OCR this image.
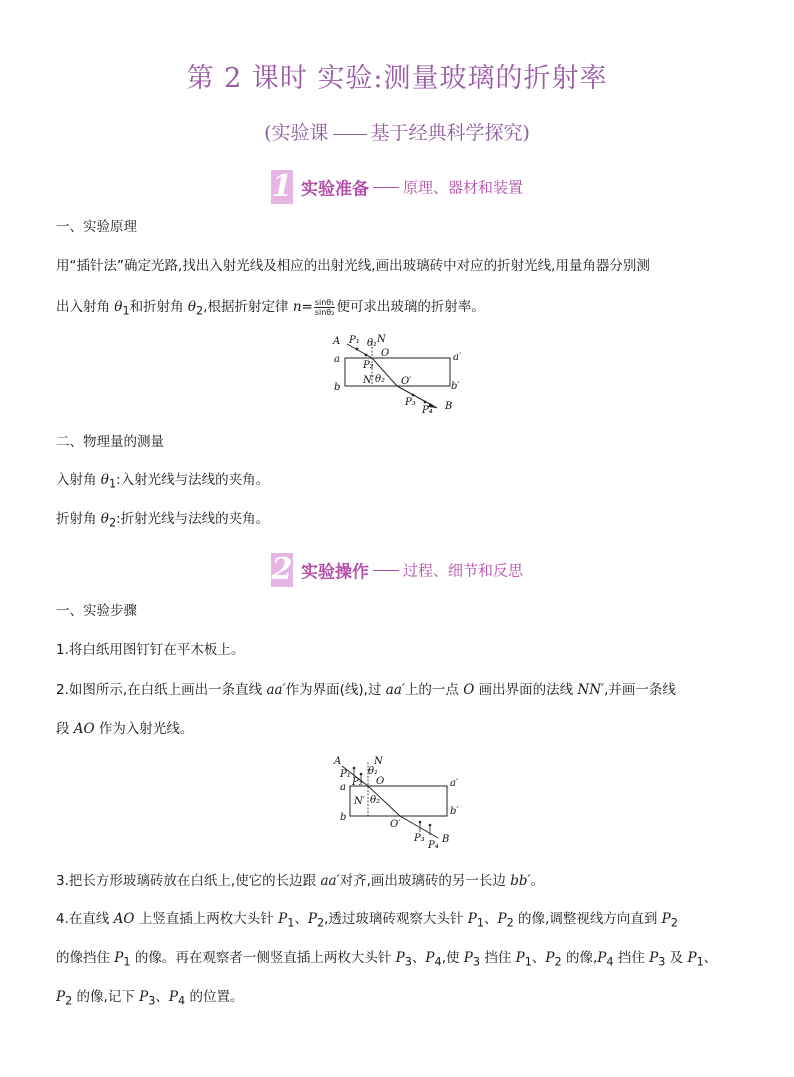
第 2 课时 实验:测量玻璃的折射率
(实验课 基于经典科学探究)
1 实验准备 原理、器材和装置
一、实验原理
用“插针法”确定光路,找出入射光线及相应的出射光线,画出玻璃砖中对应的折射光线,用量角器分别测
出入射角 $\theta_1$和折射角 $\theta_2$,根据折射定律 $n= \frac{\text{sinθ₁}}{\text{sinθ₂}}$ 便可求出玻璃的折射率。
A P₁ θ₁ N
a
O	a′
P₂
N′ θ₂ O′
b	b′
P₃
P₄ B
二、物理量的测量
入射角 $\theta_1$:入射光线与法线的夹角。
折射角 $\theta_2$:折射光线与法线的夹角。
2 实验操作 过程、细节和反思
一、实验步骤
1.将白纸用图钉钉在平木板上。
2.如图所示,在白纸上画出一条直线 aa′作为界面(线),过 aa′上的一点 O 画出界面的法线 NN′,并画一条线
段 AO 作为入射光线。
A	N
P₁ θ₁
P₂ O	a′
a
N′ θ₂
b′
b
O′
P₃
P₄
B
3.把长方形玻璃砖放在白纸上,使它的长边跟 aa′对齐,画出玻璃砖的另一长边 bb′。
4.在直线 AO 上竖直插上两枚大头针 $P_1$、$P_2$,透过玻璃砖观察大头针 $P_1$、$P_2$ 的像,调整视线方向直到 $P_2$
的像挡住 $P_1$ 的像。再在观察者一侧竖直插上两枚大头针 $P_3$、$P_4$,使 $P_3$ 挡住 $P_1$、$P_2$ 的像$,P_4$ 挡住 $P_3$ 及 $P_1$、
$P_2$ 的像,记下 $P_3$、$P_4$ 的位置。
